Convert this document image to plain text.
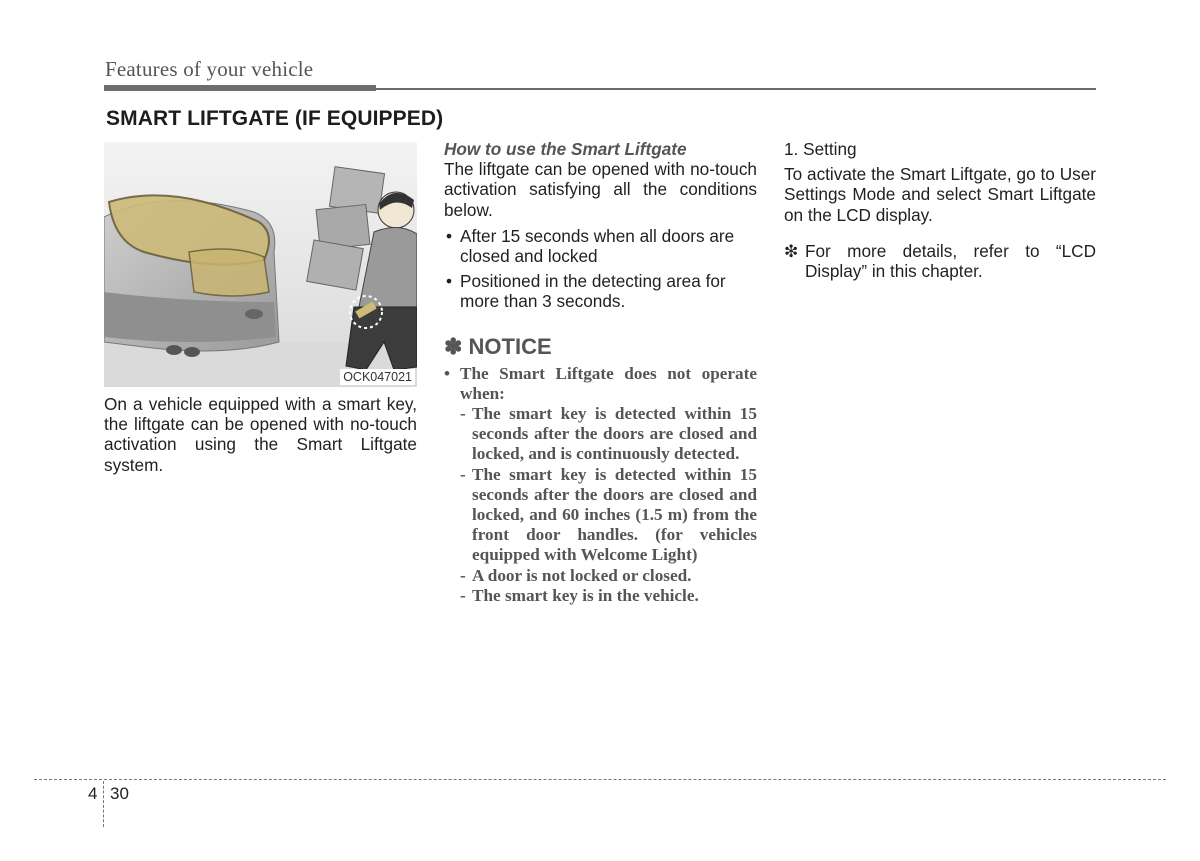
Features of your vehicle
SMART LIFTGATE (IF EQUIPPED)
OCK047021
On a vehicle equipped with a smart key, the liftgate can be opened with no-touch activation using the Smart Liftgate system.

How to use the Smart Liftgate

The liftgate can be opened with no-touch activation satisfying all the conditions below.

• After 15 seconds when all doors are closed and locked
• Positioned in the detecting area for more than 3 seconds.
✽ NOTICE
• The Smart Liftgate does not operate when:
- The smart key is detected within 15 seconds after the doors are closed and locked, and is continuously detected.
- The smart key is detected within 15 seconds after the doors are closed and locked, and 60 inches (1.5 m) from the front door handles. (for vehicles equipped with Welcome Light)
- A door is not locked or closed.
- The smart key is in the vehicle.

1. Setting

To activate the Smart Liftgate, go to User Settings Mode and select Smart Liftgate on the LCD display.

❇ For more details, refer to “LCD Display” in this chapter.
4 30
